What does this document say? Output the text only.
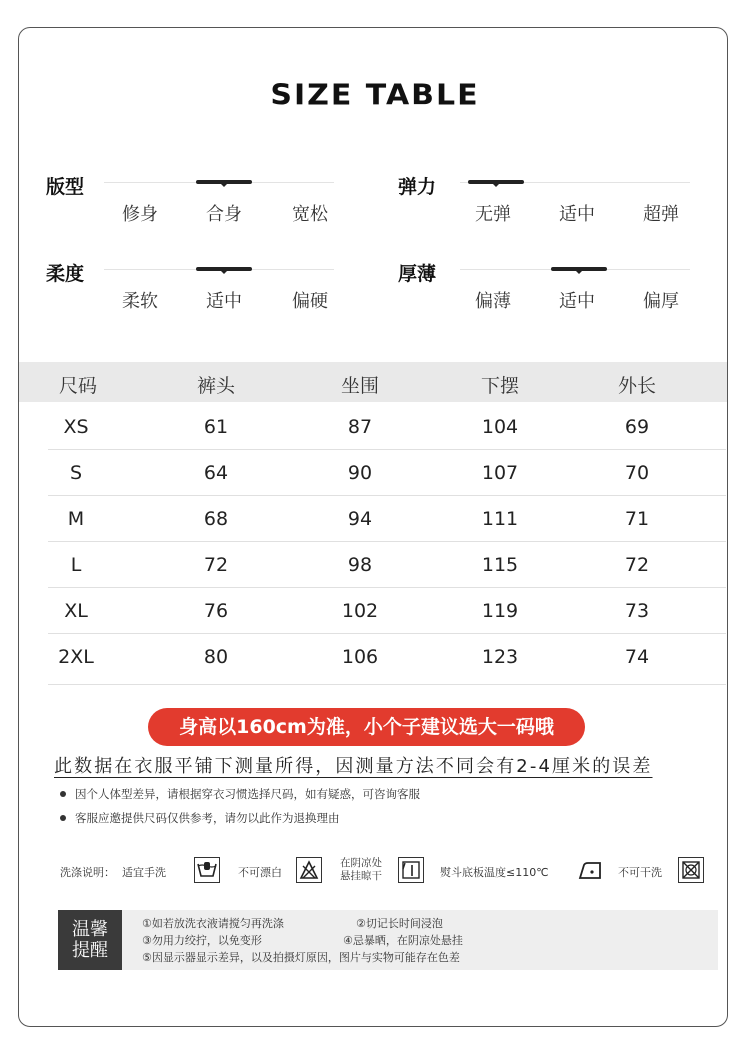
SIZE TABLE
版型
修身	合身	宽松
弹力
无弹	适中	超弹
柔度
柔软	适中	偏硬
厚薄
偏薄	适中	偏厚
尺码	裤头	坐围	下摆	外长
XS	61	87	104	69
S	64	90	107	70
M	68	94	111	71
L	72	98	115	72
XL	76	102	119	73
2XL	80	106	123	74
身高以160cm为准，小个子建议选大一码哦
此数据在衣服平铺下测量所得，因测量方法不同会有2-4厘米的误差
因个人体型差异，请根据穿衣习惯选择尺码，如有疑惑，可咨询客服
客服应邀提供尺码仅供参考，请勿以此作为退换理由
洗涤说明： 适宜手洗	不可漂白
在阴凉处
悬挂晾干	熨斗底板温度≤110℃	不可干洗
温馨
提醒
①如若放洗衣液请搅匀再洗涤	②切记长时间浸泡
③勿用力绞拧，以免变形	④忌暴晒，在阴凉处悬挂
⑤因显示器显示差异，以及拍摄灯原因，图片与实物可能存在色差
